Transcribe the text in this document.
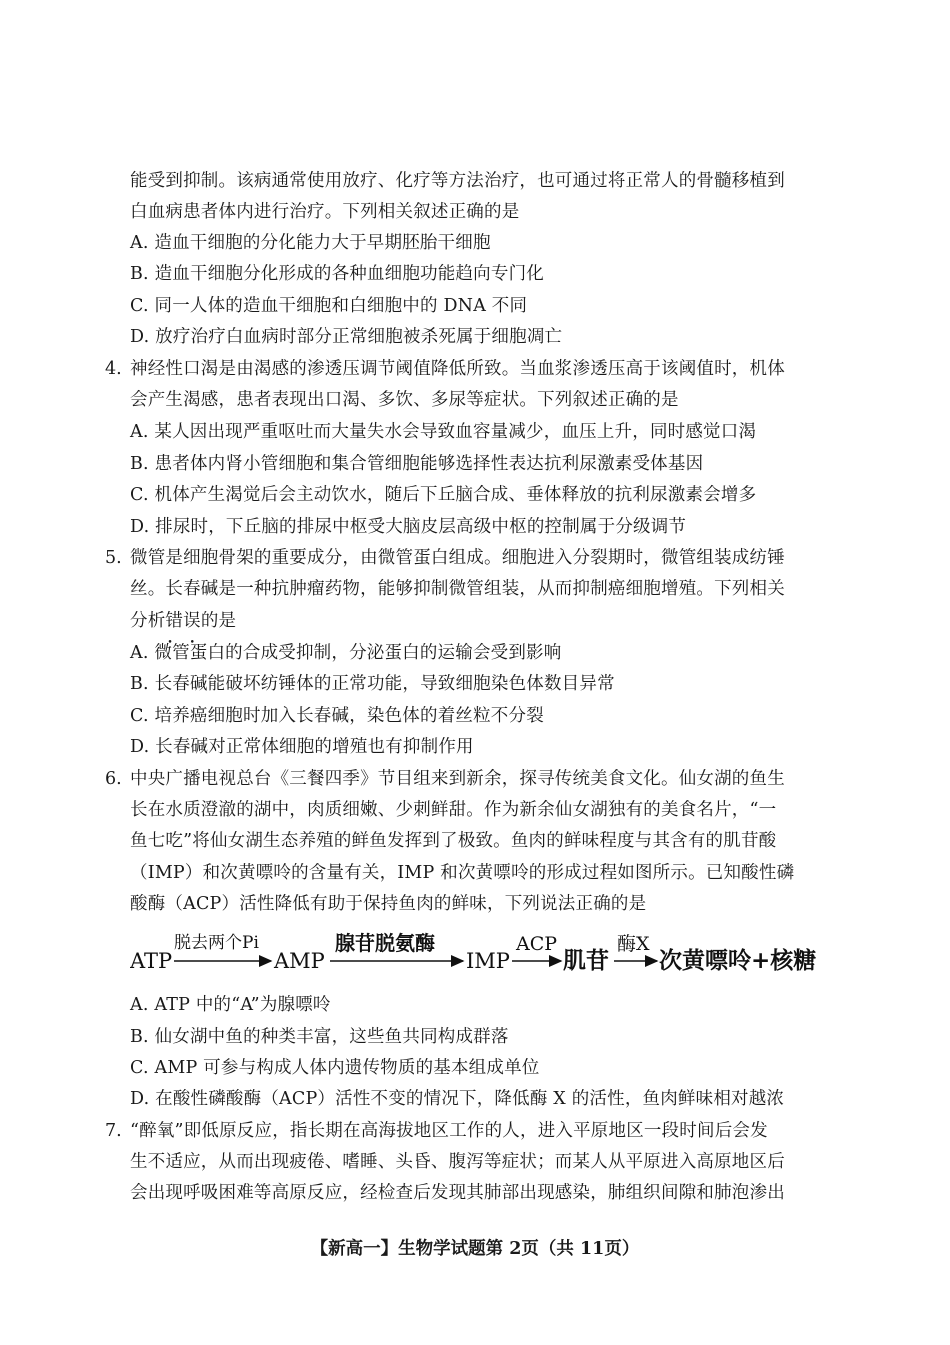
能受到抑制。该病通常使用放疗、化疗等方法治疗，也可通过将正常人的骨髓移植到
白血病患者体内进行治疗。下列相关叙述正确的是
A. 造血干细胞的分化能力大于早期胚胎干细胞
B. 造血干细胞分化形成的各种血细胞功能趋向专门化
C. 同一人体的造血干细胞和白细胞中的 DNA 不同
D. 放疗治疗白血病时部分正常细胞被杀死属于细胞凋亡
4. 神经性口渴是由渴感的渗透压调节阈值降低所致。当血浆渗透压高于该阈值时，机体
会产生渴感，患者表现出口渴、多饮、多尿等症状。下列叙述正确的是
A. 某人因出现严重呕吐而大量失水会导致血容量减少，血压上升，同时感觉口渴
B. 患者体内肾小管细胞和集合管细胞能够选择性表达抗利尿激素受体基因
C. 机体产生渴觉后会主动饮水，随后下丘脑合成、垂体释放的抗利尿激素会增多
D. 排尿时，下丘脑的排尿中枢受大脑皮层高级中枢的控制属于分级调节
5. 微管是细胞骨架的重要成分，由微管蛋白组成。细胞进入分裂期时，微管组装成纺锤
丝。长春碱是一种抗肿瘤药物，能够抑制微管组装，从而抑制癌细胞增殖。下列相关
分析错误 • •的是
A. 微管蛋白的合成受抑制，分泌蛋白的运输会受到影响
B. 长春碱能破坏纺锤体的正常功能，导致细胞染色体数目异常
C. 培养癌细胞时加入长春碱，染色体的着丝粒不分裂
D. 长春碱对正常体细胞的增殖也有抑制作用
6. 中央广播电视总台《三餐四季》节目组来到新余，探寻传统美食文化。仙女湖的鱼生
长在水质澄澈的湖中，肉质细嫩、少刺鲜甜。作为新余仙女湖独有的美食名片，“一
鱼七吃”将仙女湖生态养殖的鲜鱼发挥到了极致。鱼肉的鲜味程度与其含有的肌苷酸
（IMP）和次黄嘌呤的含量有关，IMP 和次黄嘌呤的形成过程如图所示。已知酸性磷
酸酶（ACP）活性降低有助于保持鱼肉的鲜味，下列说法正确的是
ATP
脱去两个Pi
AMP
腺苷脱氨酶
IMP
ACP
肌苷
酶X
次黄嘌呤+核糖
A. ATP 中的“A”为腺嘌呤
B. 仙女湖中鱼的种类丰富，这些鱼共同构成群落
C. AMP 可参与构成人体内遗传物质的基本组成单位
D. 在酸性磷酸酶（ACP）活性不变的情况下，降低酶 X 的活性，鱼肉鲜味相对越浓
7. “醉氧”即低原反应，指长期在高海拔地区工作的人，进入平原地区一段时间后会发
生不适应，从而出现疲倦、嗜睡、头昏、腹泻等症状；而某人从平原进入高原地区后
会出现呼吸困难等高原反应，经检查后发现其肺部出现感染，肺组织间隙和肺泡渗出
【新高一】生物学试题第 2页（共 11页）
